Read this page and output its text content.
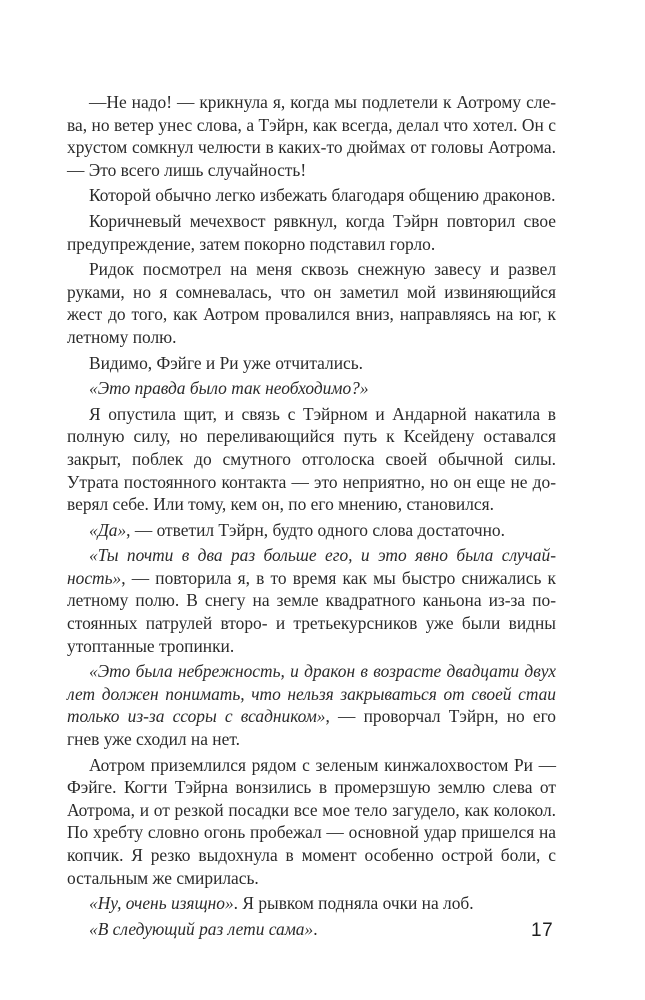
—Не надо! — крикнула я, когда мы подлетели к Аотрому слева, но ветер унес слова, а Тэйрн, как всегда, делал что хотел. Он с хрустом сомкнул челюсти в каких-то дюймах от головы Аотрома. — Это всего лишь случайность!

Которой обычно легко избежать благодаря общению драконов.

Коричневый мечехвост рявкнул, когда Тэйрн повторил свое предупреждение, затем покорно подставил горло.

Ридок посмотрел на меня сквозь снежную завесу и развел руками, но я сомневалась, что он заметил мой извиняющийся жест до того, как Аотром провалился вниз, направляясь на юг, к летному полю.

Видимо, Фэйге и Ри уже отчитались.

«Это правда было так необходимо?»

Я опустила щит, и связь с Тэйрном и Андарной накатила в полную силу, но переливающийся путь к Ксейдену оставался закрыт, поблек до смутного отголоска своей обычной силы. Утрата постоянного контакта — это неприятно, но он еще не доверял себе. Или тому, кем он, по его мнению, становился.

«Да», — ответил Тэйрн, будто одного слова достаточно.

«Ты почти в два раз больше его, и это явно была случайность», — повторила я, в то время как мы быстро снижались к летному полю. В снегу на земле квадратного каньона из-за постоянных патрулей второ- и третьекурсников уже были видны утоптанные тропинки.

«Это была небрежность, и дракон в возрасте двадцати двух лет должен понимать, что нельзя закрываться от своей стаи только из-за ссоры с всадником», — проворчал Тэйрн, но его гнев уже сходил на нет.

Аотром приземлился рядом с зеленым кинжалохвостом Ри — Фэйге. Когти Тэйрна вонзились в промерзшую землю слева от Аотрома, и от резкой посадки все мое тело загудело, как колокол. По хребту словно огонь пробежал — основной удар пришелся на копчик. Я резко выдохнула в момент особенно острой боли, с остальным же смирилась.

«Ну, очень изящно». Я рывком подняла очки на лоб.

«В следующий раз лети сама».	17
